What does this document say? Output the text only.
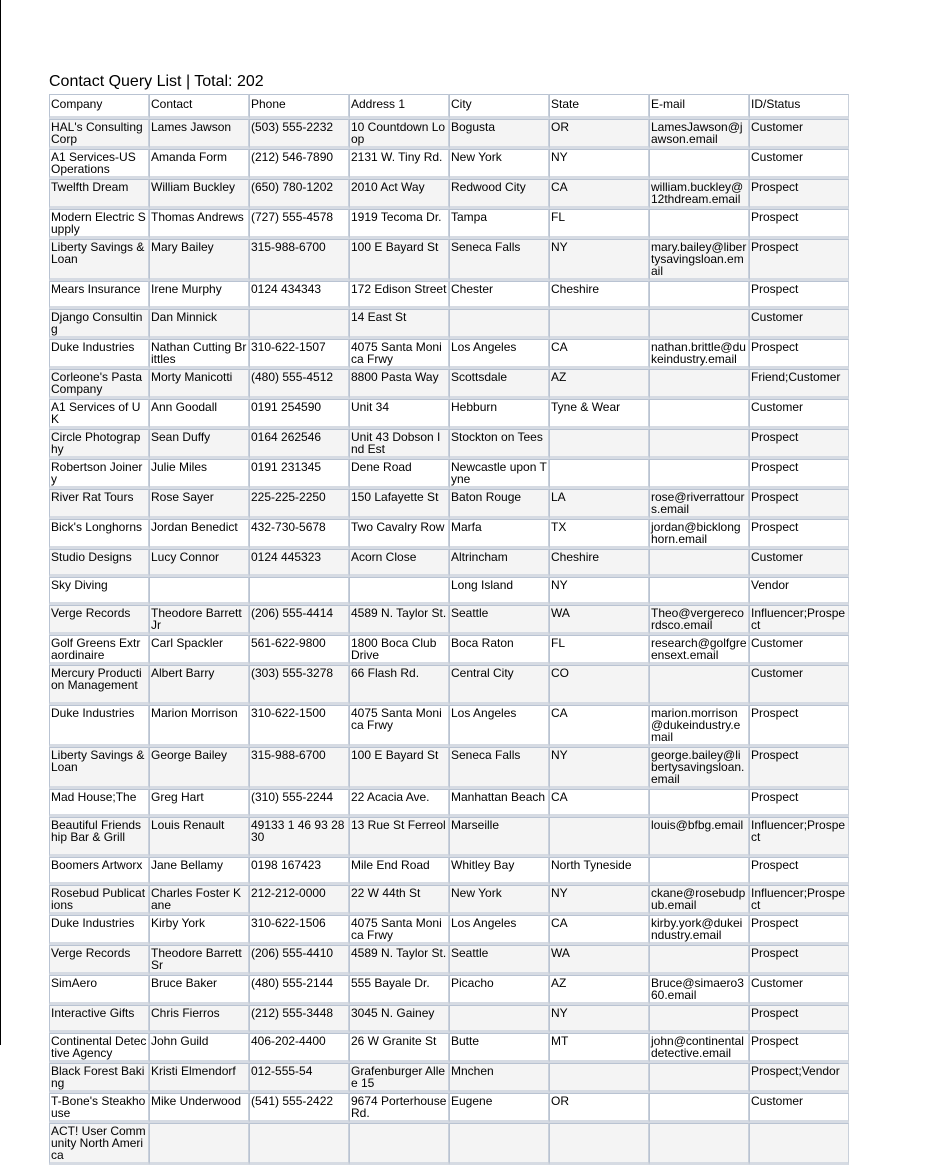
Contact Query List | Total: 202
Company	Contact	Phone	Address 1	City	State	E-mail	ID/Status
HAL's Consulting Corp	Lames Jawson	(503) 555-2232	10 Countdown Loop	Bogusta	OR	LamesJawson@jawson.email	Customer
A1 Services-US Operations	Amanda Form	(212) 546-7890	2131 W. Tiny Rd.	New York	NY		Customer
Twelfth Dream	William Buckley	(650) 780-1202	2010 Act Way	Redwood City	CA	william.buckley@12thdream.email	Prospect
Modern Electric Supply	Thomas Andrews	(727) 555-4578	1919 Tecoma Dr.	Tampa	FL		Prospect
Liberty Savings & Loan	Mary Bailey	315-988-6700	100 E Bayard St	Seneca Falls	NY	mary.bailey@libertysavingsloan.email	Prospect
Mears Insurance	Irene Murphy	0124 434343	172 Edison Street	Chester	Cheshire		Prospect
Django Consulting	Dan Minnick		14 East St				Customer
Duke Industries	Nathan Cutting Brittles	310-622-1507	4075 Santa Monica Frwy	Los Angeles	CA	nathan.brittle@dukeindustry.email	Prospect
Corleone's Pasta Company	Morty Manicotti	(480) 555-4512	8800 Pasta Way	Scottsdale	AZ		Friend;Customer
A1 Services of UK	Ann Goodall	0191 254590	Unit 34	Hebburn	Tyne & Wear		Customer
Circle Photography	Sean Duffy	0164 262546	Unit 43 Dobson Ind Est	Stockton on Tees			Prospect
Robertson Joinery	Julie Miles	0191 231345	Dene Road	Newcastle upon Tyne			Prospect
River Rat Tours	Rose Sayer	225-225-2250	150 Lafayette St	Baton Rouge	LA	rose@riverrattours.email	Prospect
Bick's Longhorns	Jordan Benedict	432-730-5678	Two Cavalry Row	Marfa	TX	jordan@bicklonghorn.email	Prospect
Studio Designs	Lucy Connor	0124 445323	Acorn Close	Altrincham	Cheshire		Customer
Sky Diving				Long Island	NY		Vendor
Verge Records	Theodore Barrett Jr	(206) 555-4414	4589 N. Taylor St.	Seattle	WA	Theo@vergerecordsco.email	Influencer;Prospect
Golf Greens Extraordinaire	Carl Spackler	561-622-9800	1800 Boca Club Drive	Boca Raton	FL	research@golfgreensext.email	Customer
Mercury Production Management	Albert Barry	(303) 555-3278	66 Flash Rd.	Central City	CO		Customer
Duke Industries	Marion Morrison	310-622-1500	4075 Santa Monica Frwy	Los Angeles	CA	marion.morrison@dukeindustry.email	Prospect
Liberty Savings & Loan	George Bailey	315-988-6700	100 E Bayard St	Seneca Falls	NY	george.bailey@libertysavingsloan.email	Prospect
Mad House;The	Greg Hart	(310) 555-2244	22 Acacia Ave.	Manhattan Beach	CA		Prospect
Beautiful Friendship Bar & Grill	Louis Renault	49133 1 46 93 28 30	13 Rue St Ferreol	Marseille		louis@bfbg.email	Influencer;Prospect
Boomers Artworx	Jane Bellamy	0198 167423	Mile End Road	Whitley Bay	North Tyneside		Prospect
Rosebud Publications	Charles Foster Kane	212-212-0000	22 W 44th St	New York	NY	ckane@rosebudpub.email	Influencer;Prospect
Duke Industries	Kirby York	310-622-1506	4075 Santa Monica Frwy	Los Angeles	CA	kirby.york@dukeindustry.email	Prospect
Verge Records	Theodore Barrett Sr	(206) 555-4410	4589 N. Taylor St.	Seattle	WA		Prospect
SimAero	Bruce Baker	(480) 555-2144	555 Bayale Dr.	Picacho	AZ	Bruce@simaero360.email	Customer
Interactive Gifts	Chris Fierros	(212) 555-3448	3045 N. Gainey		NY		Prospect
Continental Detective Agency	John Guild	406-202-4400	26 W Granite St	Butte	MT	john@continentaldetective.email	Prospect
Black Forest Baking	Kristi Elmendorf	012-555-54	Grafenburger Allee 15	Mnchen			Prospect;Vendor
T-Bone's Steakhouse	Mike Underwood	(541) 555-2422	9674 Porterhouse Rd.	Eugene	OR		Customer
ACT! User Community North America							
